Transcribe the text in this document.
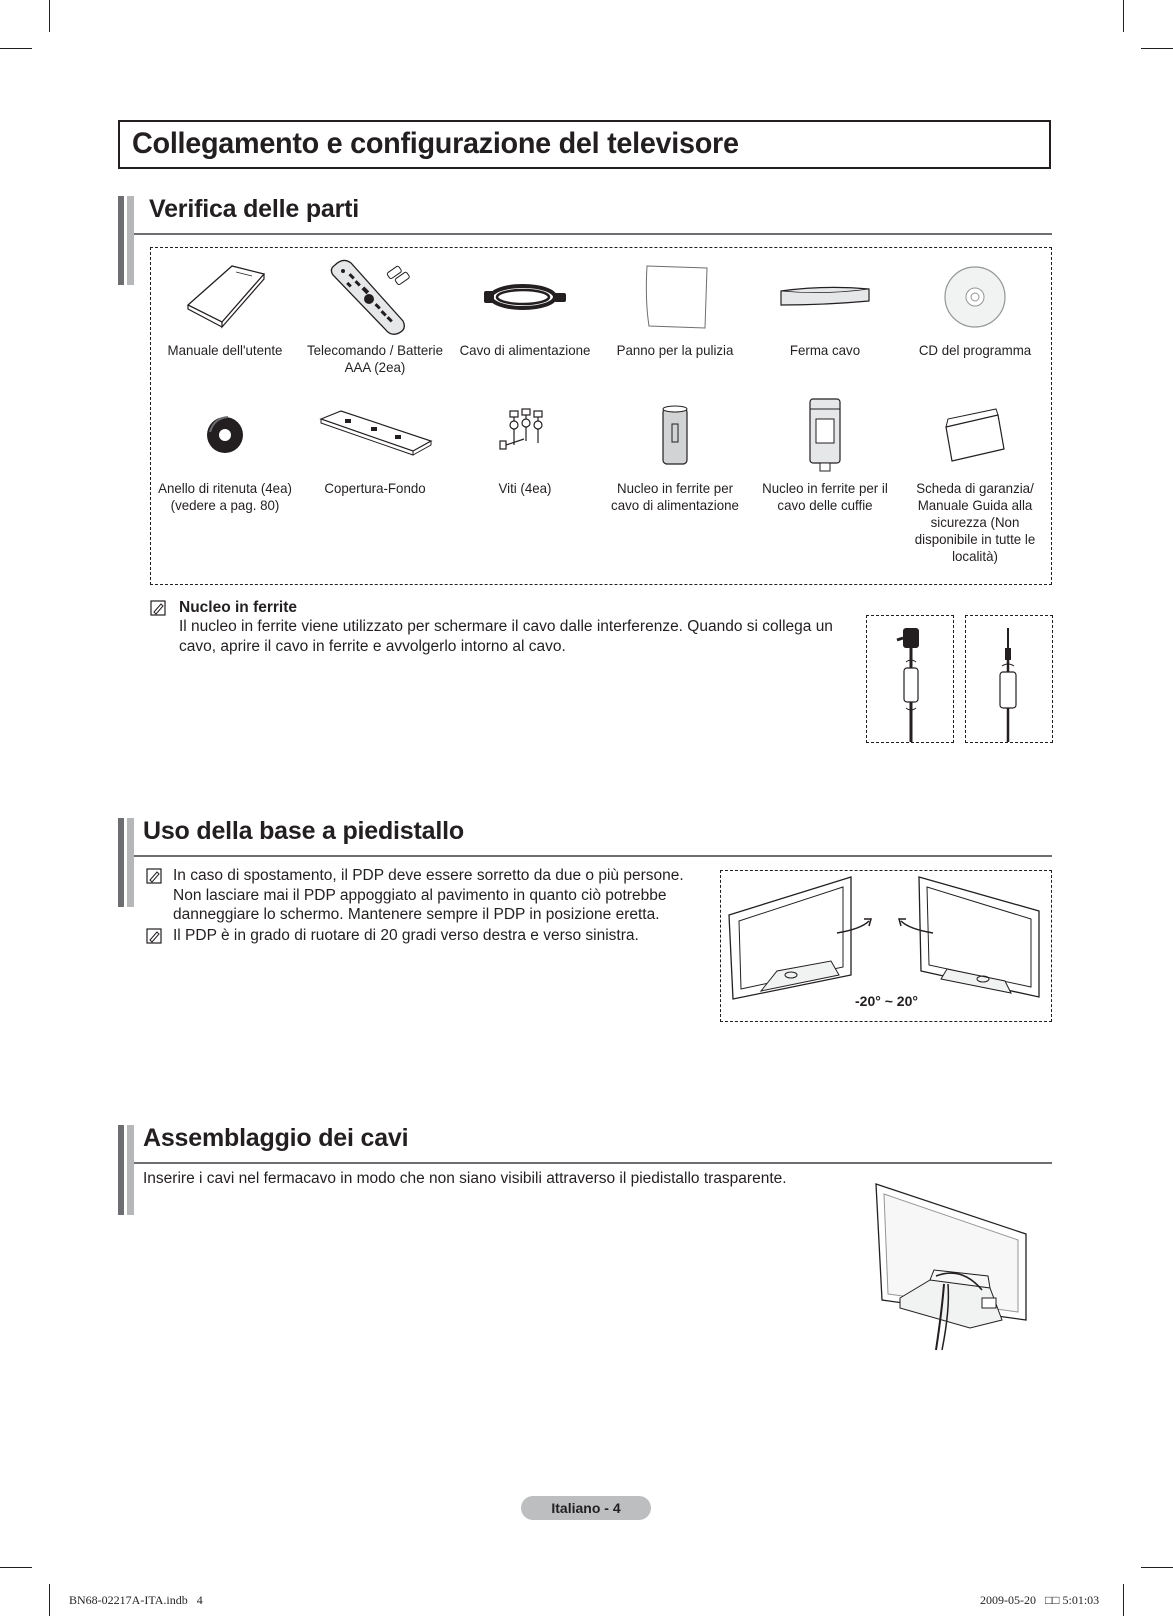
Collegamento e configurazione del televisore
Verifica delle parti
Manuale dell'utente	Telecomando / Batterie AAA (2ea)
Cavo di alimentazione	Panno per la pulizia	Ferma cavo	CD del programma
Anello di ritenuta (4ea) (vedere a pag. 80)
Copertura-Fondo	Viti (4ea)	Nucleo in ferrite per cavo di alimentazione
Nucleo in ferrite per il cavo delle cuffie
Scheda di garanzia/ Manuale Guida alla sicurezza (Non disponibile in tutte le località)
Nucleo in ferrite
Il nucleo in ferrite viene utilizzato per schermare il cavo dalle interferenze. Quando si collega un cavo, aprire il cavo in ferrite e avvolgerlo intorno al cavo.
Uso della base a piedistallo
In caso di spostamento, il PDP deve essere sorretto da due o più persone. Non lasciare mai il PDP appoggiato al pavimento in quanto ciò potrebbe danneggiare lo schermo. Mantenere sempre il PDP in posizione eretta.
Il PDP è in grado di ruotare di 20 gradi verso destra e verso sinistra.
-20° ~ 20°
Assemblaggio dei cavi
Inserire i cavi nel fermacavo in modo che non siano visibili attraverso il piedistallo trasparente.
Italiano - 4
BN68-02217A-ITA.indb   4	2009-05-20   □□ 5:01:03
